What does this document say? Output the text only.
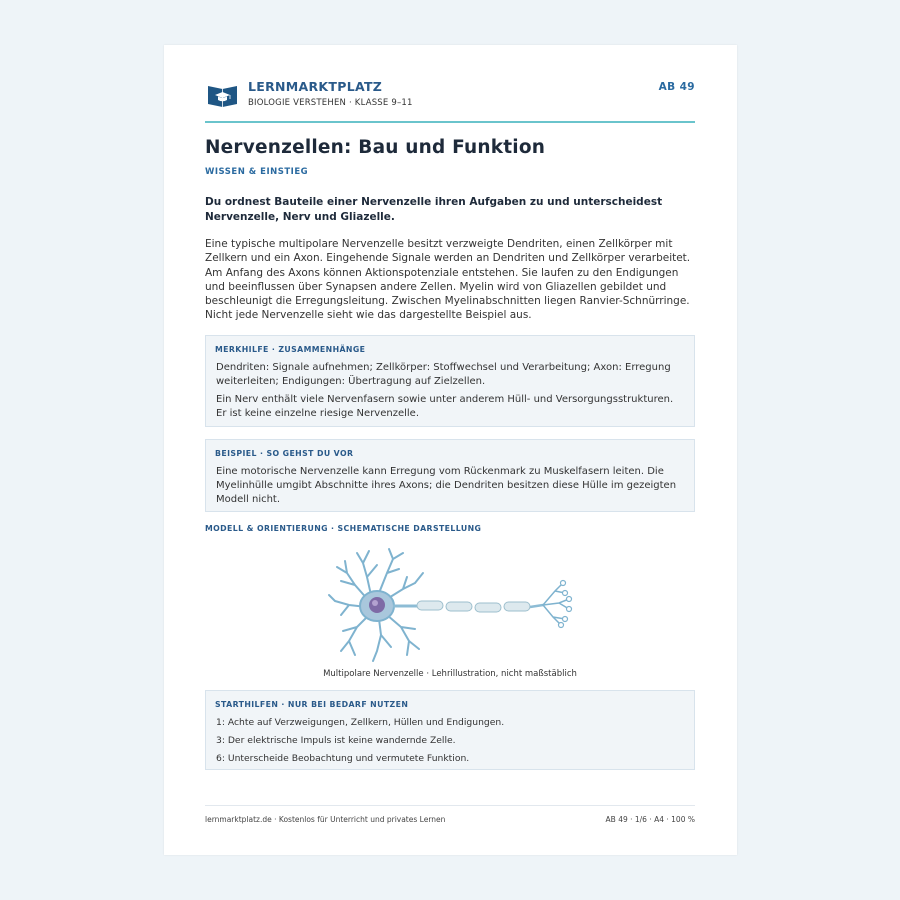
LERNMARKTPLATZ
BIOLOGIE VERSTEHEN · KLASSE 9–11
AB 49
Nervenzellen: Bau und Funktion
WISSEN & EINSTIEG
Du ordnest Bauteile einer Nervenzelle ihren Aufgaben zu und unterscheidest Nervenzelle, Nerv und Gliazelle.
Eine typische multipolare Nervenzelle besitzt verzweigte Dendriten, einen Zellkörper mit Zellkern und ein Axon. Eingehende Signale werden an Dendriten und Zellkörper verarbeitet. Am Anfang des Axons können Aktionspotenziale entstehen. Sie laufen zu den Endigungen und beeinflussen über Synapsen andere Zellen. Myelin wird von Gliazellen gebildet und beschleunigt die Erregungsleitung. Zwischen Myelinabschnitten liegen Ranvier-Schnürringe. Nicht jede Nervenzelle sieht wie das dargestellte Beispiel aus.
MERKHILFE · ZUSAMMENHÄNGE

Dendriten: Signale aufnehmen; Zellkörper: Stoffwechsel und Verarbeitung; Axon: Erregung weiterleiten; Endigungen: Übertragung auf Zielzellen.

Ein Nerv enthält viele Nervenfasern sowie unter anderem Hüll- und Versorgungsstrukturen. Er ist keine einzelne riesige Nervenzelle.

BEISPIEL · SO GEHST DU VOR

Eine motorische Nervenzelle kann Erregung vom Rückenmark zu Muskelfasern leiten. Die Myelinhülle umgibt Abschnitte ihres Axons; die Dendriten besitzen diese Hülle im gezeigten Modell nicht.

MODELL & ORIENTIERUNG · SCHEMATISCHE DARSTELLUNG
Multipolare Nervenzelle · Lehrillustration, nicht maßstäblich
STARTHILFEN · NUR BEI BEDARF NUTZEN

1: Achte auf Verzweigungen, Zellkern, Hüllen und Endigungen.

3: Der elektrische Impuls ist keine wandernde Zelle.

6: Unterscheide Beobachtung und vermutete Funktion.

lernmarktplatz.de · Kostenlos für Unterricht und privates Lernen	AB 49 · 1/6 · A4 · 100 %
